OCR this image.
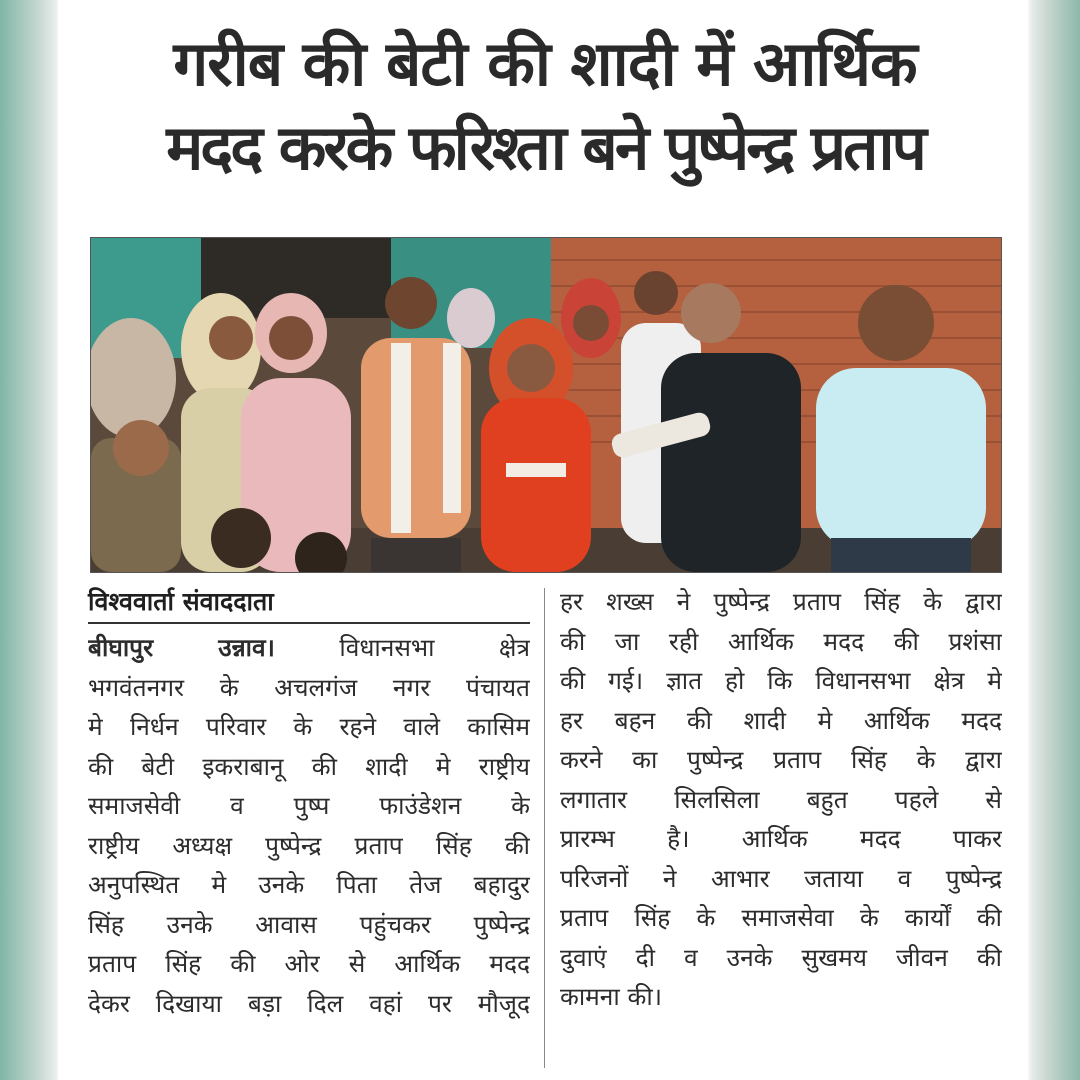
गरीब की बेटी की शादी में आर्थिक
मदद करके फरिश्ता बने पुष्पेन्द्र प्रताप
विश्ववार्ता संवाददाता
बीघापुर उन्नाव। विधानसभा क्षेत्र
भगवंतनगर के अचलगंज नगर पंचायत
मे निर्धन परिवार के रहने वाले कासिम
की बेटी इकराबानू की शादी मे राष्ट्रीय
समाजसेवी व पुष्प फाउंडेशन के
राष्ट्रीय अध्यक्ष पुष्पेन्द्र प्रताप सिंह की
अनुपस्थित मे उनके पिता तेज बहादुर
सिंह उनके आवास पहुंचकर पुष्पेन्द्र
प्रताप सिंह की ओर से आर्थिक मदद
देकर दिखाया बड़ा दिल वहां पर मौजूद
हर शख्स ने पुष्पेन्द्र प्रताप सिंह के द्वारा
की जा रही आर्थिक मदद की प्रशंसा
की गई। ज्ञात हो कि विधानसभा क्षेत्र मे
हर बहन की शादी मे आर्थिक मदद
करने का पुष्पेन्द्र प्रताप सिंह के द्वारा
लगातार सिलसिला बहुत पहले से
प्रारम्भ है। आर्थिक मदद पाकर
परिजनों ने आभार जताया व पुष्पेन्द्र
प्रताप सिंह के समाजसेवा के कार्यों की
दुवाएं दी व उनके सुखमय जीवन की
कामना की।
